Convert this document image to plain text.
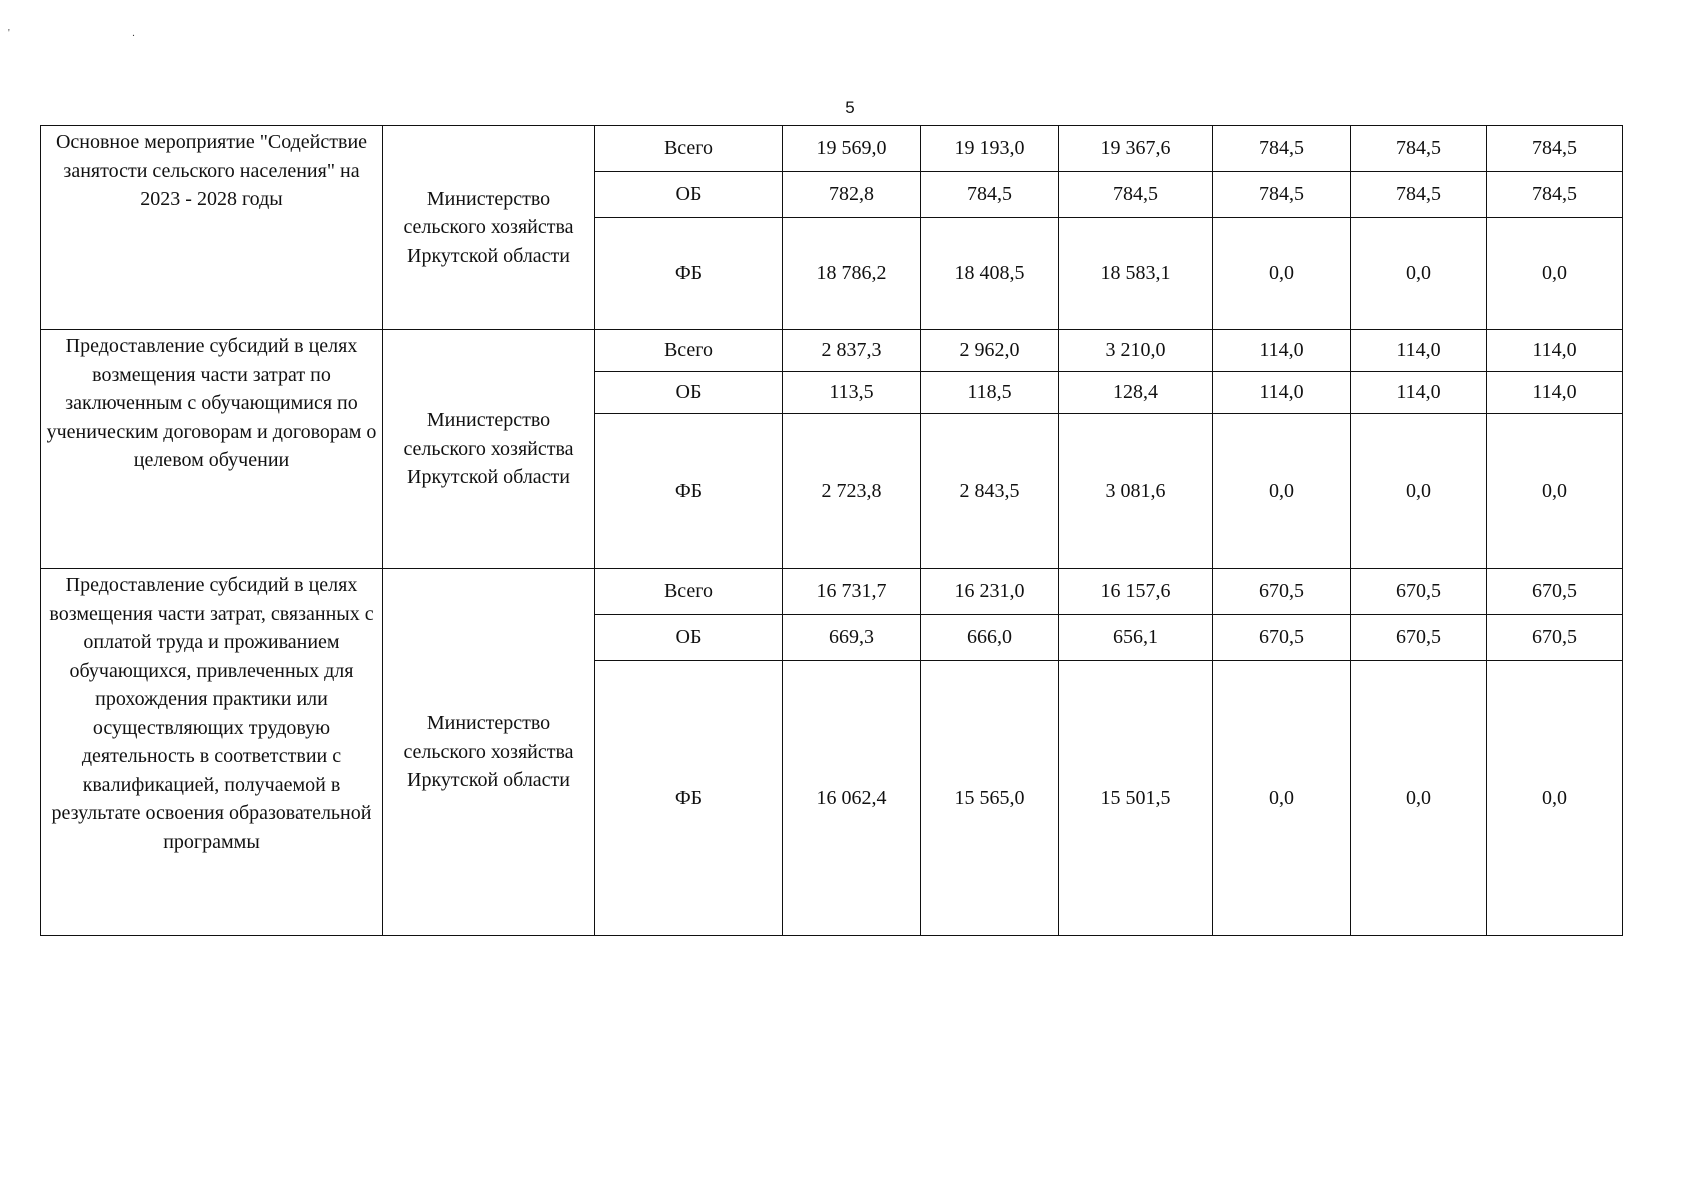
' .
5
Основное мероприятие "Содействие занятости сельского населения" на 2023 - 2028 годы	Министерство сельского хозяйства Иркутской области	Всего	19 569,0	19 193,0	19 367,6	784,5	784,5	784,5
		ОБ	782,8	784,5	784,5	784,5	784,5	784,5
		ФБ	18 786,2	18 408,5	18 583,1	0,0	0,0	0,0
Предоставление субсидий в целях возмещения части затрат по заключенным с обучающимися по ученическим договорам и договорам о целевом обучении	Министерство сельского хозяйства Иркутской области	Всего	2 837,3	2 962,0	3 210,0	114,0	114,0	114,0
		ОБ	113,5	118,5	128,4	114,0	114,0	114,0
		ФБ	2 723,8	2 843,5	3 081,6	0,0	0,0	0,0
Предоставление субсидий в целях возмещения части затрат, связанных с оплатой труда и проживанием обучающихся, привлеченных для прохождения практики или осуществляющих трудовую деятельность в соответствии с квалификацией, получаемой в результате освоения образовательной программы	Министерство сельского хозяйства Иркутской области	Всего	16 731,7	16 231,0	16 157,6	670,5	670,5	670,5
		ОБ	669,3	666,0	656,1	670,5	670,5	670,5
		ФБ	16 062,4	15 565,0	15 501,5	0,0	0,0	0,0
